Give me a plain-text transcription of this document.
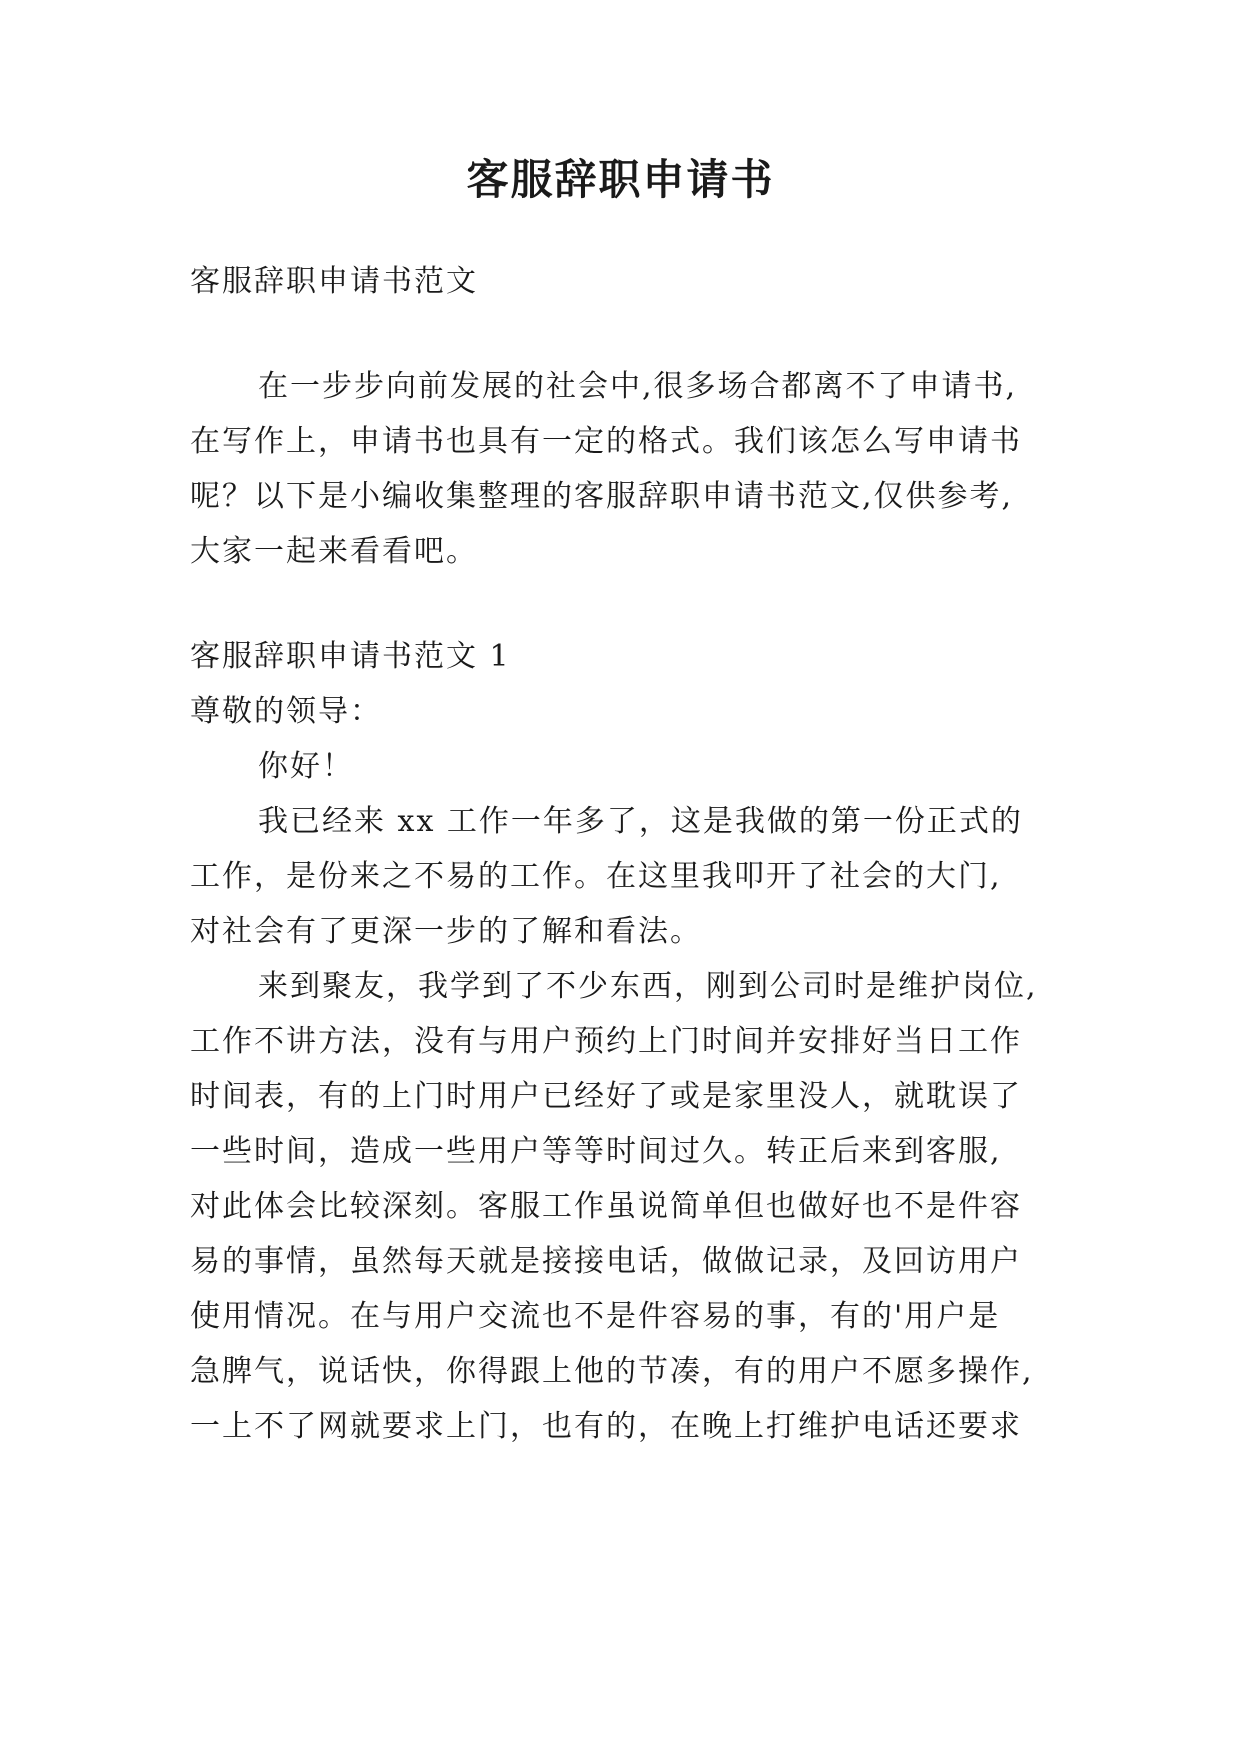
客服辞职申请书
客服辞职申请书范文
在一步步向前发展的社会中,很多场合都离不了申请书,
在写作上，申请书也具有一定的格式。我们该怎么写申请书
呢？以下是小编收集整理的客服辞职申请书范文,仅供参考,
大家一起来看看吧。
客服辞职申请书范文 1
尊敬的领导：
你好！
我已经来 xx 工作一年多了，这是我做的第一份正式的
工作，是份来之不易的工作。在这里我叩开了社会的大门,
对社会有了更深一步的了解和看法。
来到聚友，我学到了不少东西，刚到公司时是维护岗位,
工作不讲方法，没有与用户预约上门时间并安排好当日工作
时间表，有的上门时用户已经好了或是家里没人，就耽误了
一些时间，造成一些用户等等时间过久。转正后来到客服,
对此体会比较深刻。客服工作虽说简单但也做好也不是件容
易的事情，虽然每天就是接接电话，做做记录，及回访用户
使用情况。在与用户交流也不是件容易的事，有的'用户是
急脾气，说话快，你得跟上他的节凑，有的用户不愿多操作,
一上不了网就要求上门，也有的，在晚上打维护电话还要求
